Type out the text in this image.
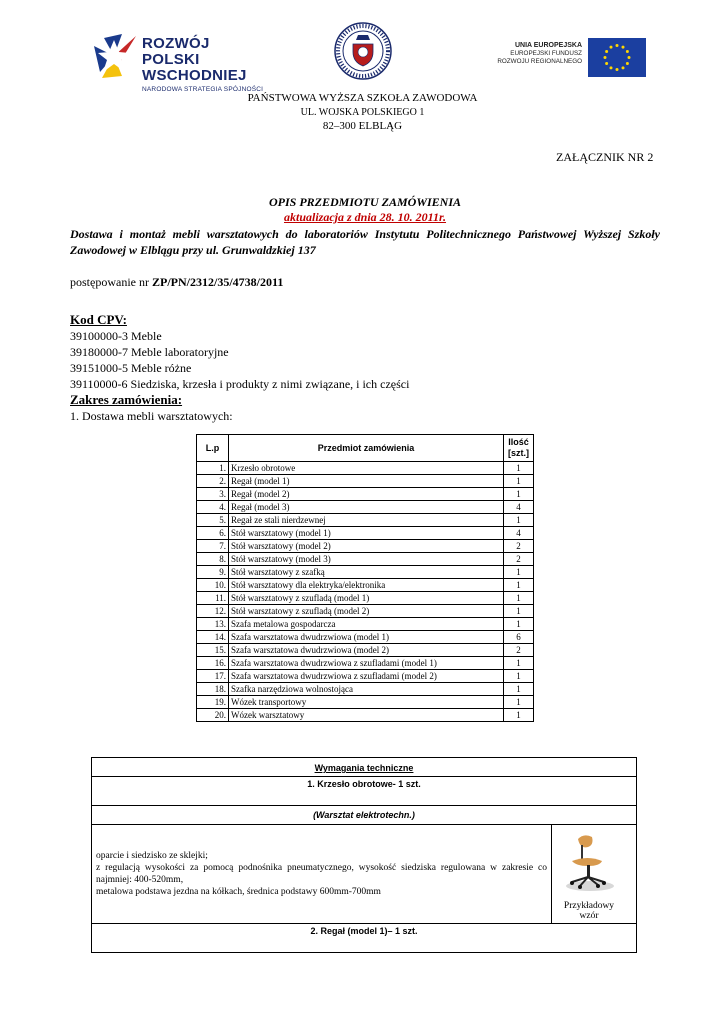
ROZWÓJ
POLSKI WSCHODNIEJ
NARODOWA STRATEGIA SPÓJNOŚCI
UNIA EUROPEJSKA
EUROPEJSKI FUNDUSZ
ROZWOJU REGIONALNEGO
PAŃSTWOWA WYŻSZA SZKOŁA ZAWODOWA
UL. WOJSKA POLSKIEGO 1
82–300 ELBLĄG
ZAŁĄCZNIK NR 2
OPIS PRZEDMIOTU ZAMÓWIENIA
aktualizacja z dnia 28. 10. 2011r.
Dostawa i montaż mebli warsztatowych do laboratoriów Instytutu Politechnicznego Państwowej Wyższej Szkoły Zawodowej w Elblągu przy ul. Grunwaldzkiej 137
postępowanie nr ZP/PN/2312/35/4738/2011
Kod CPV:
39100000-3 Meble
39180000-7 Meble laboratoryjne
39151000-5 Meble różne
39110000-6 Siedziska, krzesła i produkty z nimi związane, i ich części
Zakres zamówienia:
1. Dostawa mebli warsztatowych:
L.p	Przedmiot zamówienia	Ilość
[szt.]

1.	Krzesło obrotowe	1
2.	Regał (model 1)	1
3.	Regał (model 2)	1
4.	Regał (model 3)	4
5.	Regał ze stali nierdzewnej	1
6.	Stół warsztatowy (model 1)	4
7.	Stół warsztatowy (model 2)	2
8.	Stół warsztatowy (model 3)	2
9.	Stół warsztatowy z szafką	1
10.	Stół warsztatowy dla elektryka/elektronika	1
11.	Stół warsztatowy z szufladą (model 1)	1
12.	Stół warsztatowy z szufladą (model 2)	1
13.	Szafa metalowa gospodarcza	1
14.	Szafa warsztatowa dwudrzwiowa (model 1)	6
15.	Szafa warsztatowa dwudrzwiowa (model 2)	2
16.	Szafa warsztatowa dwudrzwiowa z szufladami (model 1)	1
17.	Szafa warsztatowa dwudrzwiowa z szufladami (model 2)	1
18.	Szafka narzędziowa wolnostojąca	1
19.	Wózek transportowy	1
20.	Wózek warsztatowy	1
Wymagania techniczne
1. Krzesło obrotowe- 1 szt.
(Warsztat elektrotechn.)

oparcie i siedzisko ze sklejki;
z regulacją wysokości za pomocą podnośnika pneumatycznego, wysokość siedziska regulowana w zakresie co najmniej: 400-520mm,
metalowa podstawa jezdna na kółkach, średnica podstawy 600mm-700mm

Przykładowy wzór

2. Regał (model 1)– 1 szt.
